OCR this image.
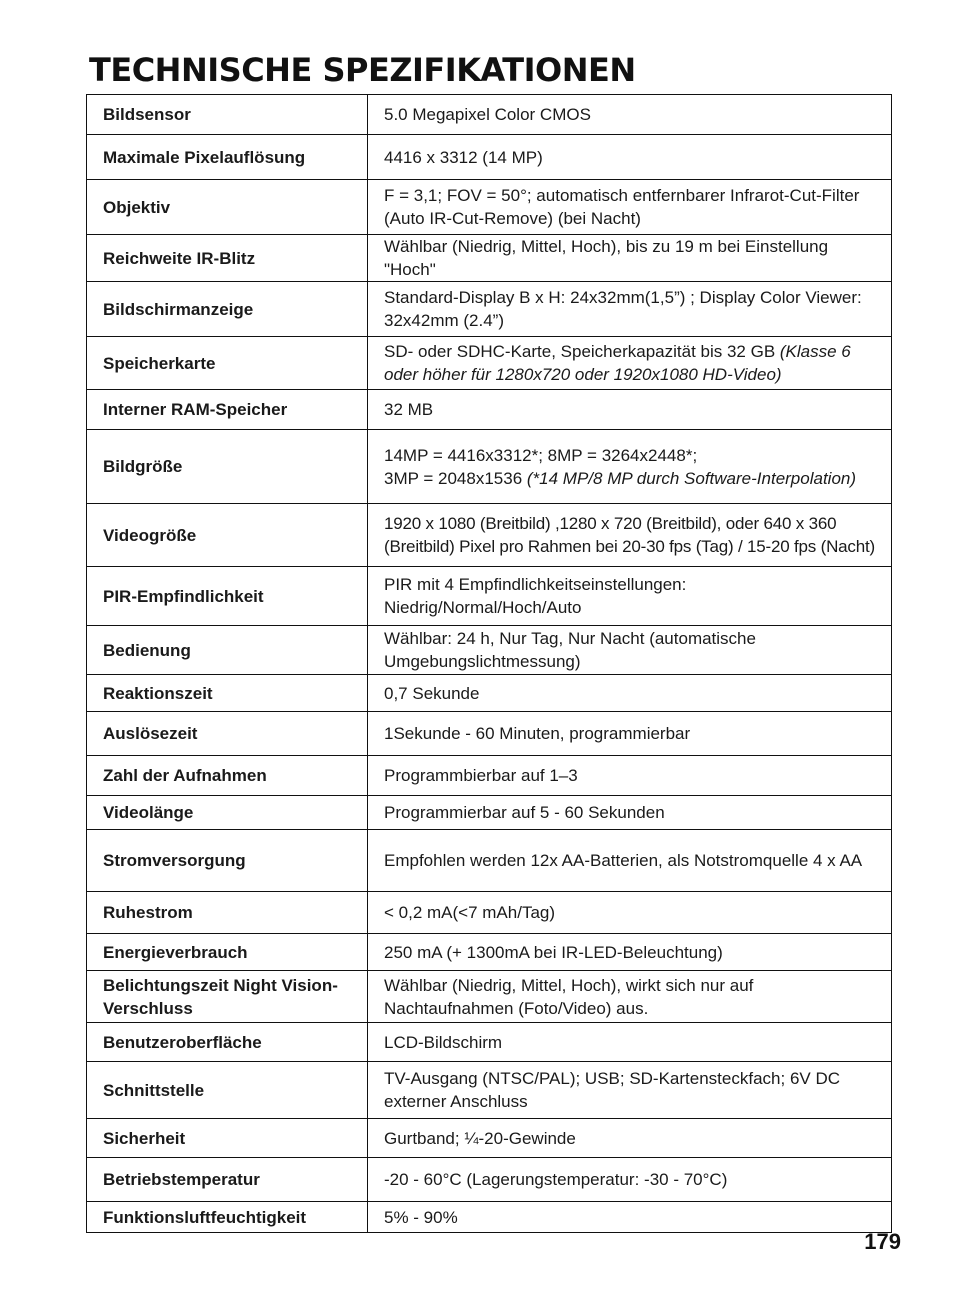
TECHNISCHE SPEZIFIKATIONEN
Bildsensor	5.0 Megapixel Color CMOS
Maximale Pixelauflösung	4416 x 3312 (14 MP)
Objektiv	F = 3,1; FOV = 50°; automatisch entfernbarer Infrarot-Cut-Filter (Auto IR-Cut-Remove) (bei Nacht)
Reichweite IR-Blitz	Wählbar (Niedrig, Mittel, Hoch), bis zu 19 m bei Einstellung "Hoch"
Bildschirmanzeige	Standard-Display B x H: 24x32mm(1,5”) ; Display Color Viewer: 32x42mm (2.4”)
Speicherkarte	SD- oder SDHC-Karte, Speicherkapazität bis 32 GB (Klasse 6 oder höher für 1280x720 oder 1920x1080 HD-Video)
Interner RAM-Speicher	32 MB
Bildgröße	14MP = 4416x3312*; 8MP = 3264x2448*;
3MP = 2048x1536 (*14 MP/8 MP durch Software-Interpolation)
Videogröße	1920 x 1080 (Breitbild) ,1280 x 720 (Breitbild), oder 640 x 360 (Breitbild) Pixel pro Rahmen bei 20-30 fps (Tag) / 15-20 fps (Nacht)
PIR-Empfindlichkeit	PIR mit 4 Empfindlichkeitseinstellungen: Niedrig/Normal/Hoch/Auto
Bedienung	Wählbar: 24 h, Nur Tag, Nur Nacht (automatische Umgebungslichtmessung)
Reaktionszeit	0,7 Sekunde
Auslösezeit	1Sekunde - 60 Minuten, programmierbar
Zahl der Aufnahmen	Programmbierbar auf 1–3
Videolänge	Programmierbar auf 5 - 60 Sekunden
Stromversorgung	Empfohlen werden 12x AA-Batterien, als Notstromquelle 4 x AA
Ruhestrom	< 0,2 mA(<7 mAh/Tag)
Energieverbrauch	250 mA (+ 1300mA bei IR-LED-Beleuchtung)
Belichtungszeit Night Vision-Verschluss	Wählbar (Niedrig, Mittel, Hoch), wirkt sich nur auf Nachtaufnahmen (Foto/Video) aus.
Benutzeroberfläche	LCD-Bildschirm
Schnittstelle	TV-Ausgang (NTSC/PAL); USB; SD-Kartensteckfach; 6V DC externer Anschluss
Sicherheit	Gurtband; ¼-20-Gewinde
Betriebstemperatur	-20 - 60°C (Lagerungstemperatur: -30 - 70°C)
Funktionsluftfeuchtigkeit	5% - 90%
179
